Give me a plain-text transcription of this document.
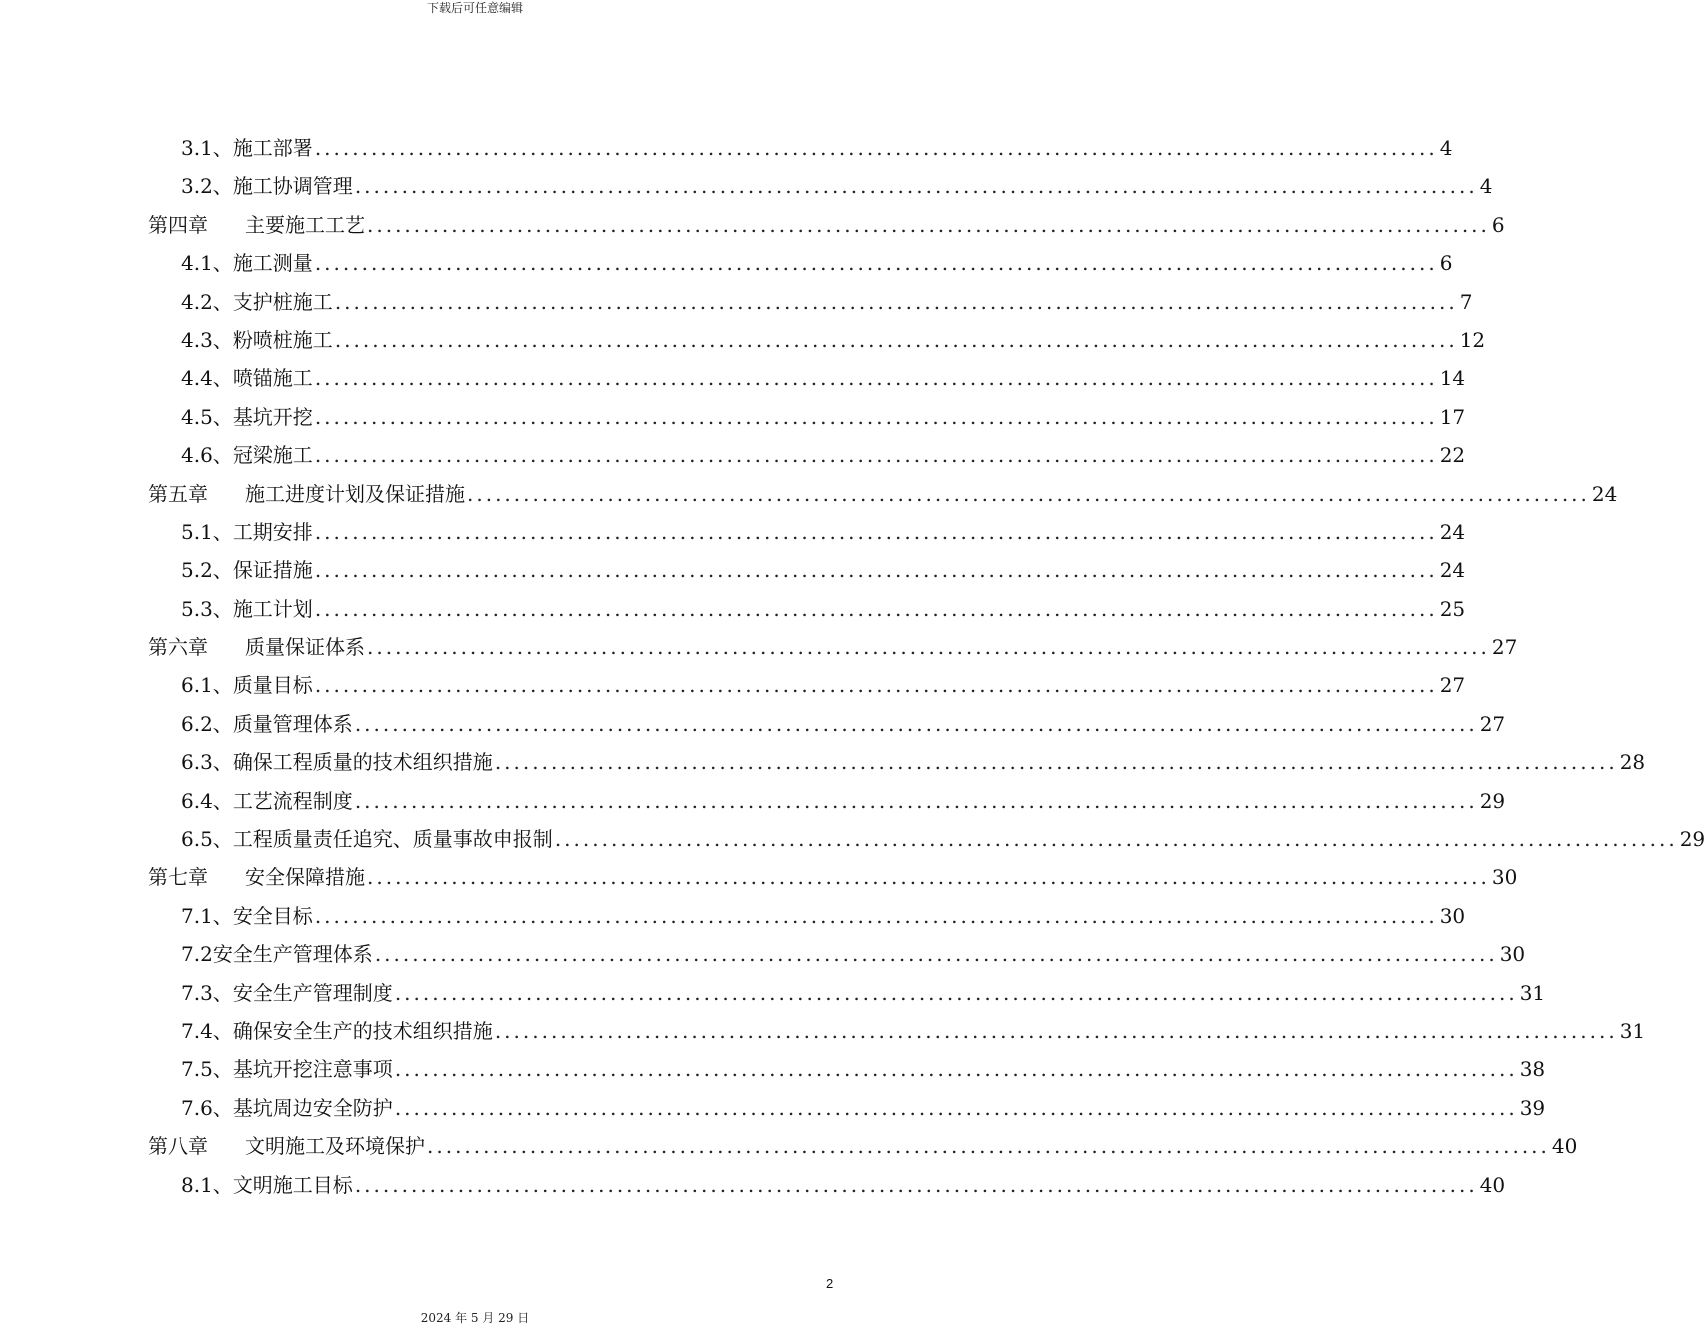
下载后可任意编辑
3.1、 施工部署 ........................................................................................................................ 4
3.2、 施工协调管理 ........................................................................................................................ 4
第四章 主要施工工艺 ........................................................................................................................ 6
4.1、 施工测量 ........................................................................................................................ 6
4.2、 支护桩施工 ........................................................................................................................ 7
4.3、 粉喷桩施工 ........................................................................................................................ 12
4.4、 喷锚施工 ........................................................................................................................ 14
4.5、 基坑开挖 ........................................................................................................................ 17
4.6、 冠梁施工 ........................................................................................................................ 22
第五章 施工进度计划及保证措施 ........................................................................................................................ 24
5.1、 工期安排 ........................................................................................................................ 24
5.2、 保证措施 ........................................................................................................................ 24
5.3、 施工计划 ........................................................................................................................ 25
第六章 质量保证体系 ........................................................................................................................ 27
6.1、 质量目标 ........................................................................................................................ 27
6.2、 质量管理体系 ........................................................................................................................ 27
6.3、 确保工程质量的技术组织措施 ........................................................................................................................ 28
6.4、 工艺流程制度 ........................................................................................................................ 29
6.5、 工程质量责任追究、质量事故申报制 ........................................................................................................................ 29
第七章 安全保障措施 ........................................................................................................................ 30
7.1、 安全目标 ........................................................................................................................ 30
7.2 安全生产管理体系 ........................................................................................................................ 30
7.3、 安全生产管理制度 ........................................................................................................................ 31
7.4、 确保安全生产的技术组织措施 ........................................................................................................................ 31
7.5、 基坑开挖注意事项 ........................................................................................................................ 38
7.6、 基坑周边安全防护 ........................................................................................................................ 39
第八章 文明施工及环境保护 ........................................................................................................................ 40
8.1、 文明施工目标 ........................................................................................................................ 40
2
2024 年 5 月 29 日
